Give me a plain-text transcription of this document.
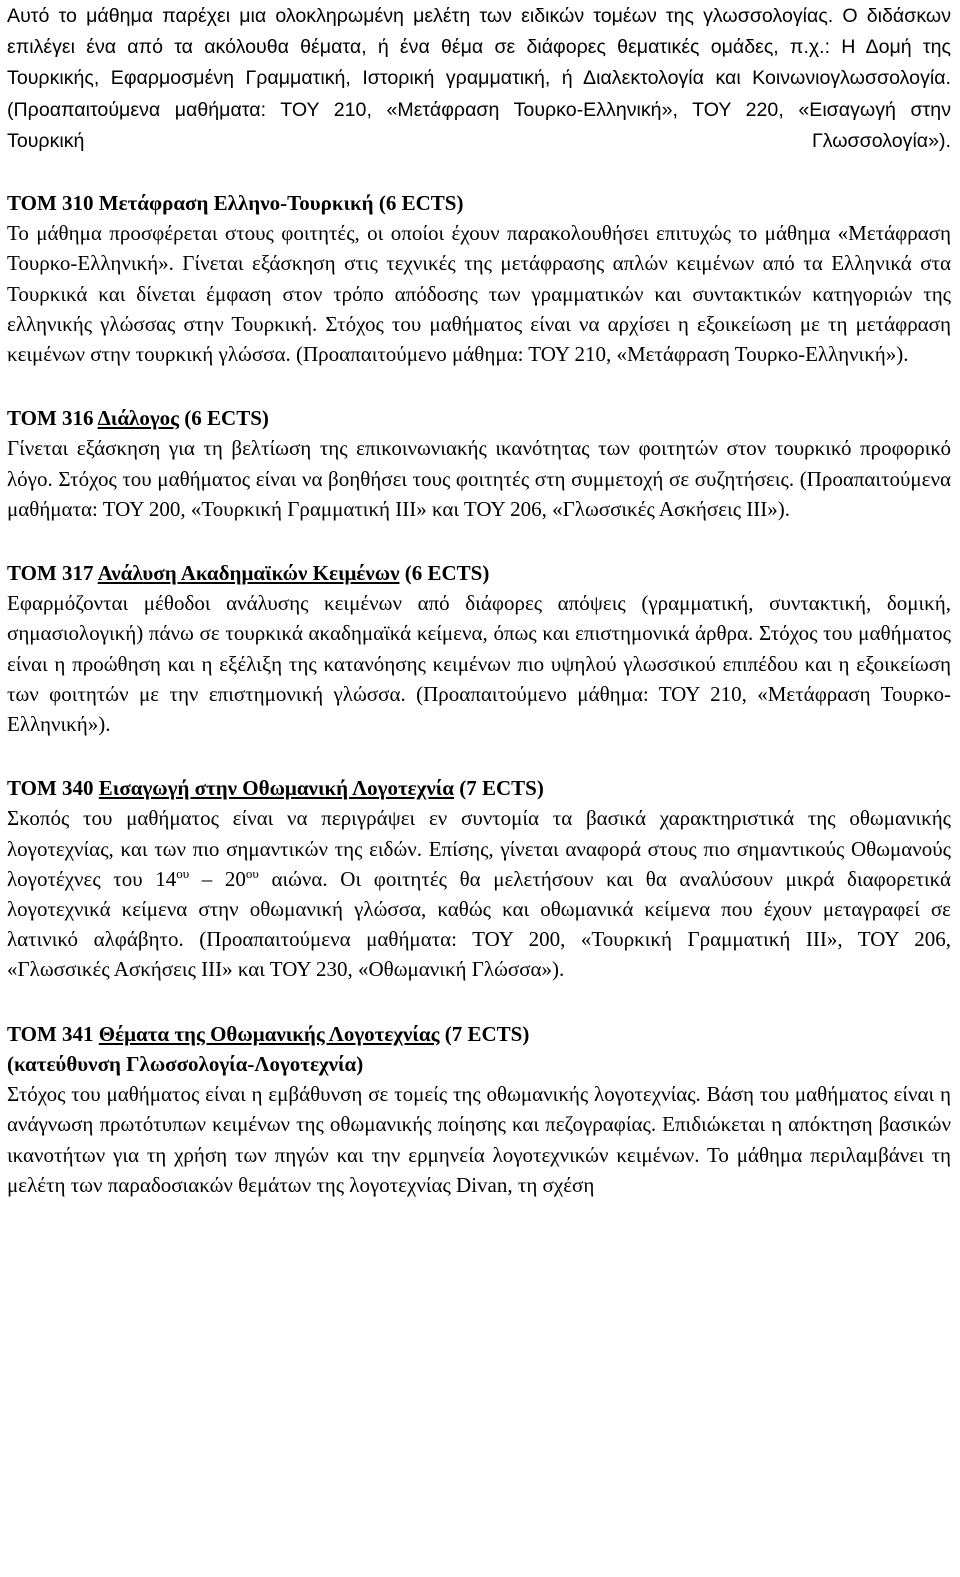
Αυτό το μάθημα παρέχει μια ολοκληρωμένη μελέτη των ειδικών τομέων της γλωσσολογίας. Ο διδάσκων επιλέγει ένα από τα ακόλουθα θέματα, ή ένα θέμα σε διάφορες θεματικές ομάδες, π.χ.: Η Δομή της Τουρκικής, Εφαρμοσμένη Γραμματική, Ιστορική γραμματική, ή Διαλεκτολογία και Κοινωνιογλωσσολογία. (Προαπαιτούμενα μαθήματα: ΤΟΥ 210, «Μετάφραση Τουρκο-Ελληνική», ΤΟΥ 220, «Εισαγωγή στην Τουρκική Γλωσσολογία»).

ΤΟΜ 310 Μετάφραση Ελληνο-Τουρκική (6 ECTS)

Το μάθημα προσφέρεται στους φοιτητές, οι οποίοι έχουν παρακολουθήσει επιτυχώς το μάθημα «Μετάφραση Τουρκο-Ελληνική». Γίνεται εξάσκηση στις τεχνικές της μετάφρασης απλών κειμένων από τα Ελληνικά στα Τουρκικά και δίνεται έμφαση στον τρόπο απόδοσης των γραμματικών και συντακτικών κατηγοριών της ελληνικής γλώσσας στην Τουρκική. Στόχος του μαθήματος είναι να αρχίσει η εξοικείωση με τη μετάφραση κειμένων στην τουρκική γλώσσα. (Προαπαιτούμενο μάθημα: ΤΟΥ 210, «Μετάφραση Τουρκο-Ελληνική»).

ΤΟΜ 316 Διάλογος (6 ECTS)

Γίνεται εξάσκηση για τη βελτίωση της επικοινωνιακής ικανότητας των φοιτητών στον τουρκικό προφορικό λόγο. Στόχος του μαθήματος είναι να βοηθήσει τους φοιτητές στη συμμετοχή σε συζητήσεις. (Προαπαιτούμενα μαθήματα: ΤΟΥ 200, «Τουρκική Γραμματική ΙΙΙ» και ΤΟΥ 206, «Γλωσσικές Ασκήσεις ΙΙΙ»).

ΤΟΜ 317 Ανάλυση Ακαδημαϊκών Κειμένων (6 ECTS)

Εφαρμόζονται μέθοδοι ανάλυσης κειμένων από διάφορες απόψεις (γραμματική, συντακτική, δομική, σημασιολογική) πάνω σε τουρκικά ακαδημαϊκά κείμενα, όπως και επιστημονικά άρθρα. Στόχος του μαθήματος είναι η προώθηση και η εξέλιξη της κατανόησης κειμένων πιο υψηλού γλωσσικού επιπέδου και η εξοικείωση των φοιτητών με την επιστημονική γλώσσα. (Προαπαιτούμενο μάθημα: ΤΟΥ 210, «Μετάφραση Τουρκο-Ελληνική»).

ΤΟΜ 340 Εισαγωγή στην Οθωμανική Λογοτεχνία (7 ECTS)

Σκοπός του μαθήματος είναι να περιγράψει εν συντομία τα βασικά χαρακτηριστικά της οθωμανικής λογοτεχνίας, και των πιο σημαντικών της ειδών. Επίσης, γίνεται αναφορά στους πιο σημαντικούς Οθωμανούς λογοτέχνες του $14^{o\upsilon} - 20^{o\upsilon}$ αιώνα. Οι φοιτητές θα μελετήσουν και θα αναλύσουν μικρά διαφορετικά λογοτεχνικά κείμενα στην οθωμανική γλώσσα, καθώς και οθωμανικά κείμενα που έχουν μεταγραφεί σε λατινικό αλφάβητο. (Προαπαιτούμενα μαθήματα: ΤΟΥ 200, «Τουρκική Γραμματική ΙΙΙ», ΤΟΥ 206, «Γλωσσικές Ασκήσεις ΙΙΙ» και ΤΟΥ 230, «Οθωμανική Γλώσσα»).

ΤΟΜ 341 Θέματα της Οθωμανικής Λογοτεχνίας (7 ECTS)

(κατεύθυνση Γλωσσολογία-Λογοτεχνία)

Στόχος του μαθήματος είναι η εμβάθυνση σε τομείς της οθωμανικής λογοτεχνίας. Βάση του μαθήματος είναι η ανάγνωση πρωτότυπων κειμένων της οθωμανικής ποίησης και πεζογραφίας. Επιδιώκεται η απόκτηση βασικών ικανοτήτων για τη χρήση των πηγών και την ερμηνεία λογοτεχνικών κειμένων. Το μάθημα περιλαμβάνει τη μελέτη των παραδοσιακών θεμάτων της λογοτεχνίας Divan, τη σχέση
